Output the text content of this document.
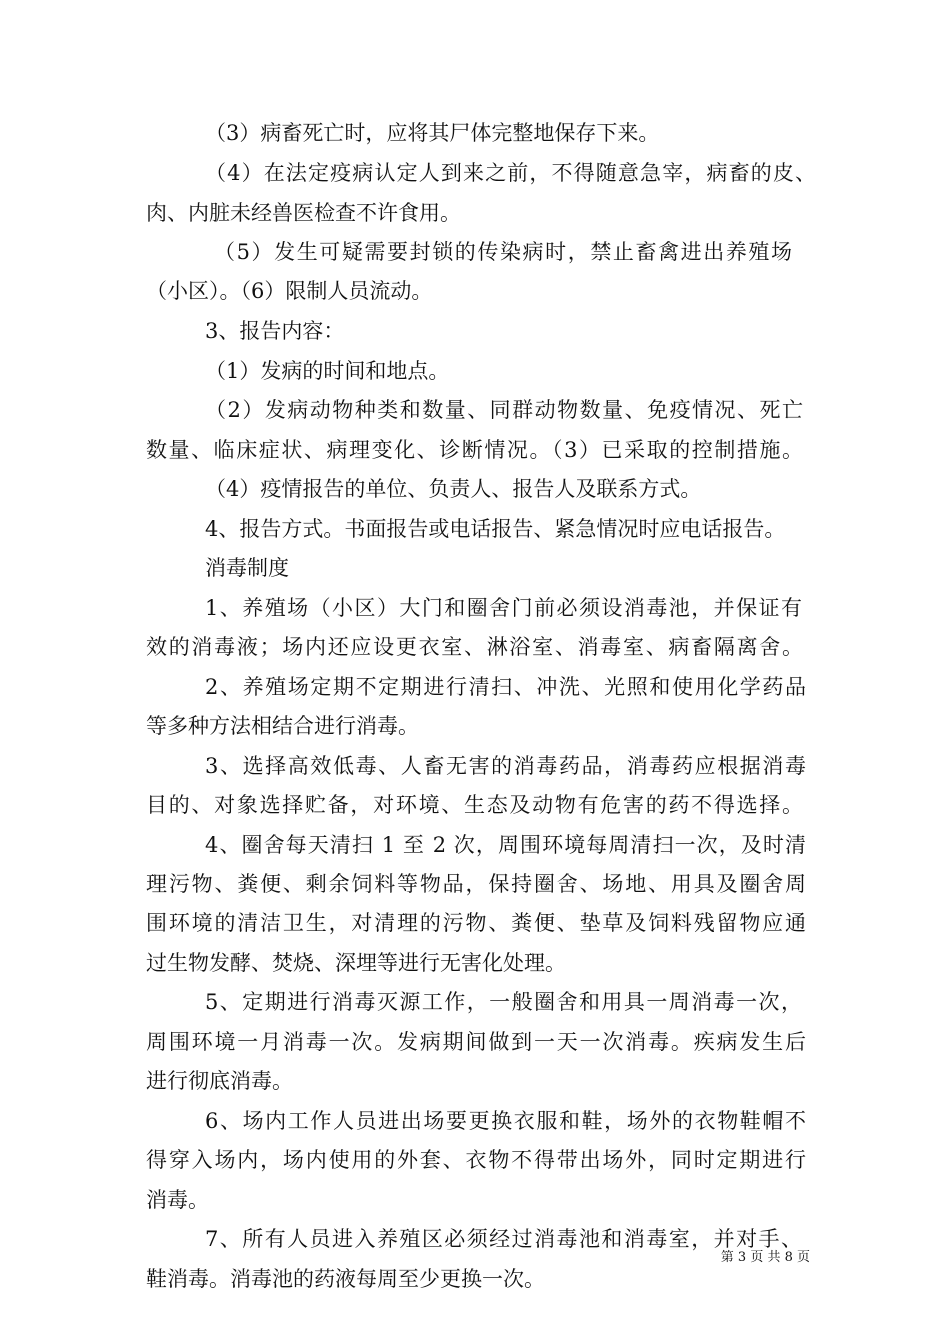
（3）病畜死亡时，应将其尸体完整地保存下来。
（4）在法定疫病认定人到来之前，不得随意急宰，病畜的皮、
肉、内脏未经兽医检查不许食用。
（5）发生可疑需要封锁的传染病时，禁止畜禽进出养殖场
（小区）。（6）限制人员流动。
3、报告内容：
（1）发病的时间和地点。
（2）发病动物种类和数量、同群动物数量、免疫情况、死亡
数量、临床症状、病理变化、诊断情况。（3）已采取的控制措施。
（4）疫情报告的单位、负责人、报告人及联系方式。
4、报告方式。书面报告或电话报告、紧急情况时应电话报告。
消毒制度
1、养殖场（小区）大门和圈舍门前必须设消毒池，并保证有
效的消毒液；场内还应设更衣室、淋浴室、消毒室、病畜隔离舍。
2、养殖场定期不定期进行清扫、冲洗、光照和使用化学药品
等多种方法相结合进行消毒。
3、选择高效低毒、人畜无害的消毒药品，消毒药应根据消毒
目的、对象选择贮备，对环境、生态及动物有危害的药不得选择。
4、圈舍每天清扫 1 至 2 次，周围环境每周清扫一次，及时清
理污物、粪便、剩余饲料等物品，保持圈舍、场地、用具及圈舍周
围环境的清洁卫生，对清理的污物、粪便、垫草及饲料残留物应通
过生物发酵、焚烧、深埋等进行无害化处理。
5、定期进行消毒灭源工作，一般圈舍和用具一周消毒一次，
周围环境一月消毒一次。发病期间做到一天一次消毒。疾病发生后
进行彻底消毒。
6、场内工作人员进出场要更换衣服和鞋，场外的衣物鞋帽不
得穿入场内，场内使用的外套、衣物不得带出场外，同时定期进行
消毒。
7、所有人员进入养殖区必须经过消毒池和消毒室，并对手、
鞋消毒。消毒池的药液每周至少更换一次。
第 3 页 共 8 页
